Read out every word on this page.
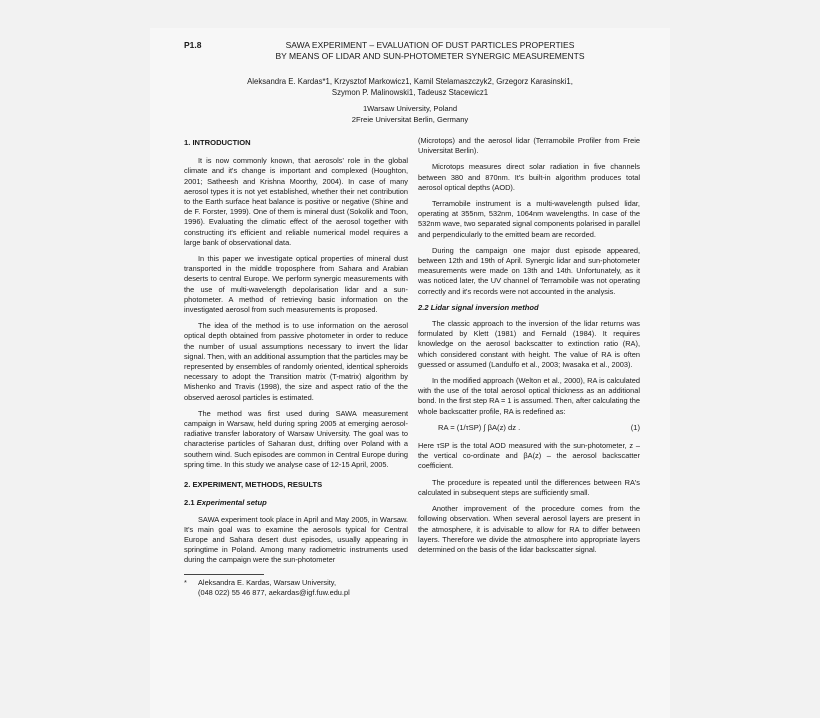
P1.8	SAWA EXPERIMENT – EVALUATION OF DUST PARTICLES PROPERTIES
BY MEANS OF LIDAR AND SUN-PHOTOMETER SYNERGIC MEASUREMENTS
Aleksandra E. Kardas*1, Krzysztof Markowicz1, Kamil Stelamaszczyk2, Grzegorz Karasinski1,
Szymon P. Malinowski1, Tadeusz Stacewicz1
1Warsaw University, Poland
2Freie Universitat Berlin, Germany
1. INTRODUCTION

It is now commonly known, that aerosols' role in the global climate and it's change is important and complexed (Houghton, 2001; Satheesh and Krishna Moorthy, 2004). In case of many aerosol types it is not yet established, whether their net contribution to the Earth surface heat balance is positive or negative (Shine and de F. Forster, 1999). One of them is mineral dust (Sokolik and Toon, 1996). Evaluating the climatic effect of the aerosol together with constructing it's efficient and reliable numerical model requires a large bank of observational data.

In this paper we investigate optical properties of mineral dust transported in the middle troposphere from Sahara and Arabian deserts to central Europe. We perform synergic measurements with the use of multi-wavelength depolarisation lidar and a sun-photometer. A method of retrieving basic information on the investigated aerosol from such measurements is proposed.

The idea of the method is to use information on the aerosol optical depth obtained from passive photometer in order to reduce the number of usual assumptions necessary to invert the lidar signal. Then, with an additional assumption that the particles may be represented by ensembles of randomly oriented, identical spheroids necessary to adopt the Transition matrix (T-matrix) algorithm by Mishenko and Travis (1998), the size and aspect ratio of the the observed aerosol particles is estimated.

The method was first used during SAWA measurement campaign in Warsaw, held during spring 2005 at emerging aerosol-radiative transfer laboratory of Warsaw University. The goal was to characterise particles of Saharan dust, drifting over Poland with a southern wind. Such episodes are common in Central Europe during spring time. In this study we analyse case of 12-15 April, 2005.

2. EXPERIMENT, METHODS, RESULTS
2.1 Experimental setup

SAWA experiment took place in April and May 2005, in Warsaw. It's main goal was to examine the aerosols typical for Central Europe and Sahara desert dust episodes, usually appearing in springtime in Poland. Among many radiometric instruments used during the campaign were the sun-photometer

* Aleksandra E. Kardas, Warsaw University,
(048 022) 55 46 877, aekardas@igf.fuw.edu.pl

(Microtops) and the aerosol lidar (Terramobile Profiler from Freie Universitat Berlin).

Microtops measures direct solar radiation in five channels between 380 and 870nm. It's built-in algorithm produces total aerosol optical depths (AOD).

Terramobile instrument is a multi-wavelength pulsed lidar, operating at 355nm, 532nm, 1064nm wavelengths. In case of the 532nm wave, two separated signal components polarised in parallel and perpendicularly to the emitted beam are recorded.

During the campaign one major dust episode appeared, between 12th and 19th of April. Synergic lidar and sun-photometer measurements were made on 13th and 14th. Unfortunately, as it was noticed later, the UV channel of Terramobile was not operating correctly and it's records were not accounted in the analysis.

2.2 Lidar signal inversion method

The classic approach to the inversion of the lidar returns was formulated by Klett (1981) and Fernald (1984). It requires knowledge on the aerosol backscatter to extinction ratio (RA), which considered constant with height. The value of RA is often guessed or assumed (Landulfo et al., 2003; Iwasaka et al., 2003).

In the modified approach (Welton et al., 2000), RA is calculated with the use of the total aerosol optical thickness as an additional bond. In the first step RA = 1 is assumed. Then, after calculating the whole backscatter profile, RA is redefined as:

RA = (1/τSP) ∫ βA(z) dz .	(1)

Here τSP is the total AOD measured with the sun-photometer, z – the vertical co-ordinate and βA(z) – the aerosol backscatter coefficient.

The procedure is repeated until the differences between RA's calculated in subsequent steps are sufficiently small.

Another improvement of the procedure comes from the following observation. When several aerosol layers are present in the atmosphere, it is advisable to allow for RA to differ between layers. Therefore we divide the atmosphere into appropriate layers determined on the basis of the lidar backscatter signal.
